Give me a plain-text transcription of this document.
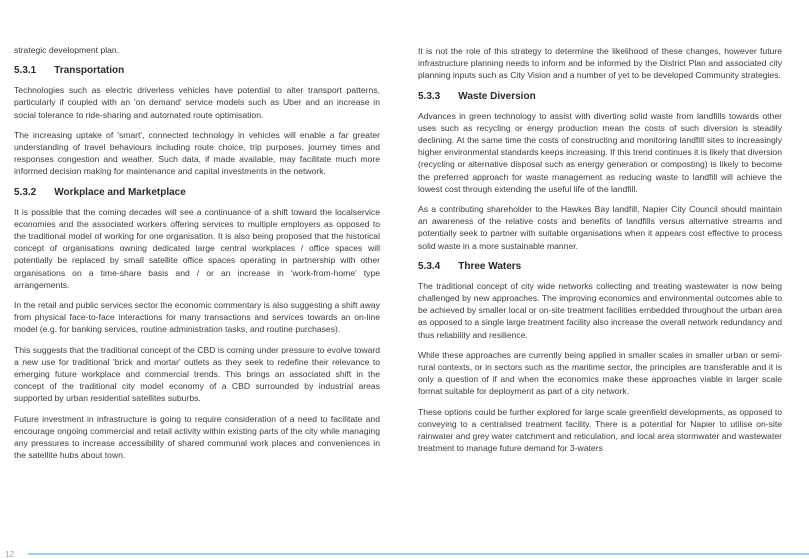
strategic development plan.

5.3.1 Transportation

Technologies such as electric driverless vehicles have potential to alter transport patterns, particularly if coupled with an 'on demand' service models such as Uber and an increase in social tolerance to ride-sharing and automated route optimisation.

The increasing uptake of 'smart', connected technology in vehicles will enable a far greater understanding of travel behaviours including route choice, trip purposes, journey times and responses congestion and weather. Such data, if made available, may facilitate much more informed decision making for maintenance and capital investments in the network.

5.3.2 Workplace and Marketplace

It is possible that the coming decades will see a continuance of a shift toward the localservice economies and the associated workers offering services to multiple employers as opposed to the traditional model of working for one organisation. It is also being proposed that the historical concept of organisations owning dedicated large central workplaces / office spaces will potentially be replaced by small satellite office spaces operating in partnership with other organisations on a time-share basis and / or an increase in 'work-from-home' type arrangements.

In the retail and public services sector the economic commentary is also suggesting a shift away from physical face-to-face interactions for many transactions and services towards an on-line model (e.g. for banking services, routine administration tasks, and routine purchases).

This suggests that the traditional concept of the CBD is coming under pressure to evolve toward a new use for traditional 'brick and mortar' outlets as they seek to redefine their relevance to emerging future workplace and commercial trends. This brings an associated shift in the concept of the traditional city model economy of a CBD surrounded by industrial areas supported by urban residential satellites suburbs.

Future investment in infrastructure is going to require consideration of a need to facilitate and encourage ongoing commercial and retail activity within existing parts of the city while managing any pressures to increase accessibility of shared communal work places and conveniences in the satellite hubs about town.

It is not the role of this strategy to determine the likelihood of these changes, however future infrastructure planning needs to inform and be informed by the District Plan and associated city planning inputs such as City Vision and a number of yet to be developed Community strategies.

5.3.3 Waste Diversion

Advances in green technology to assist with diverting solid waste from landfills towards other uses such as recycling or energy production mean the costs of such diversion is steadily declining. At the same time the costs of constructing and monitoring landfill sites to increasingly higher environmental standards keeps increasing. If this trend continues it is likely that diversion (recycling or alternative disposal such as energy generation or composting) is likely to become the preferred approach for waste management as reducing waste to landfill will achieve the lowest cost through extending the useful life of the landfill.

As a contributing shareholder to the Hawkes Bay landfill, Napier City Council should maintain an awareness of the relative costs and benefits of landfills versus alternative streams and potentially seek to partner with suitable organisations when it appears cost effective to process solid waste in a more sustainable manner.

5.3.4 Three Waters

The traditional concept of city wide networks collecting and treating wastewater is now being challenged by new approaches. The improving economics and environmental outcomes able to be achieved by smaller local or on-site treatment facilities embedded throughout the urban area as opposed to a single large treatment facility also increase the overall network redundancy and thus reliability and resilience.

While these approaches are currently being applied in smaller scales in smaller urban or semi-rural contexts, or in sectors such as the maritime sector, the principles are transferable and it is only a question of if and when the economics make these approaches viable in larger scale format suitable for deployment as part of a city network.

These options could be further explored for large scale greenfield developments, as opposed to conveying to a centralised treatment facility. There is a potential for Napier to utilise on-site rainwater and grey water catchment and reticulation, and local area stormwater and wastewater treatment to manage future demand for 3-waters

12
